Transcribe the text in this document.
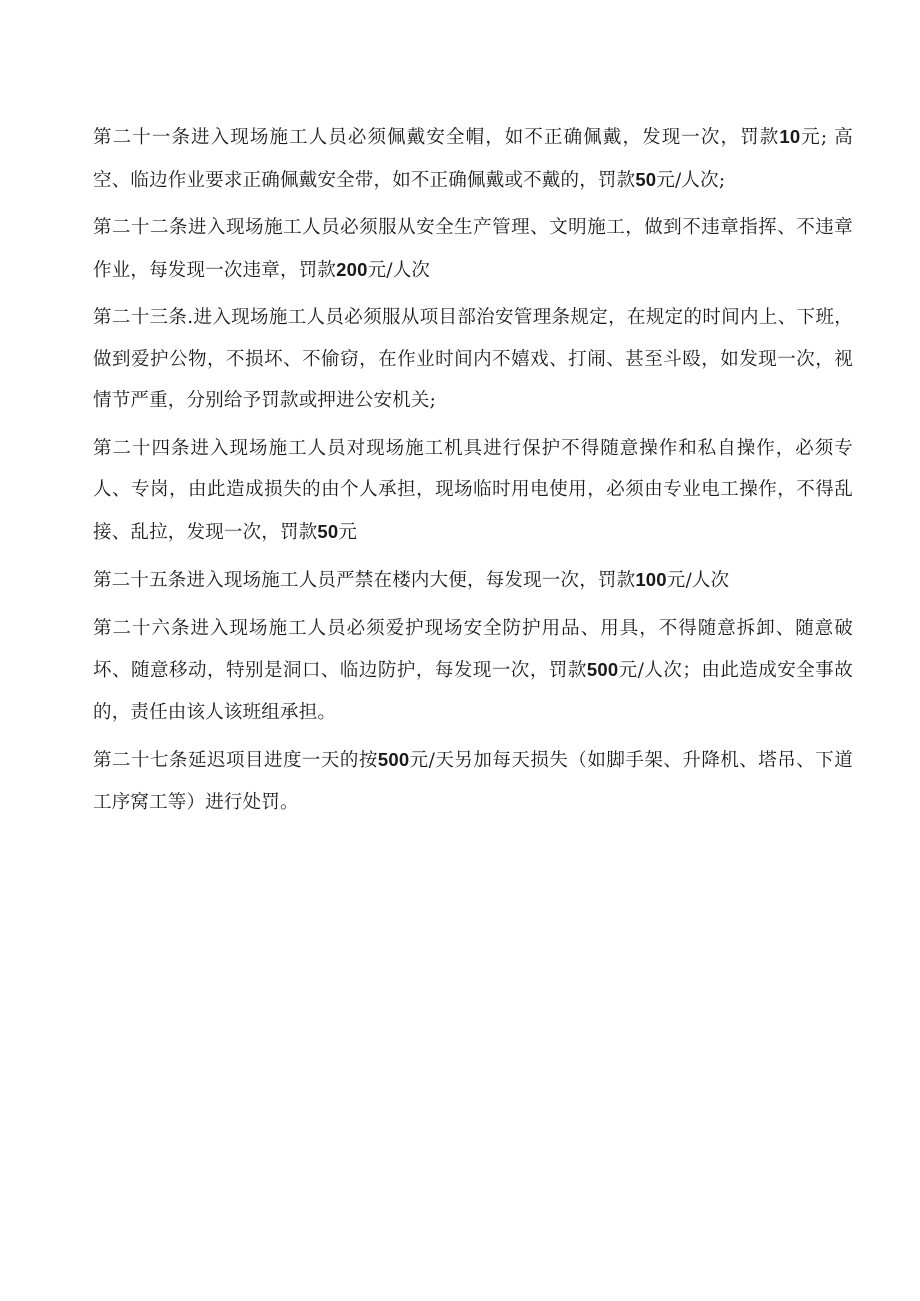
第二十一条进入现场施工人员必须佩戴安全帽，如不正确佩戴，发现一次，罚款10元; 高空、临边作业要求正确佩戴安全带，如不正确佩戴或不戴的，罚款50元/人次;

第二十二条进入现场施工人员必须服从安全生产管理、文明施工，做到不违章指挥、不违章作业，每发现一次违章，罚款200元/人次

第二十三条.进入现场施工人员必须服从项目部治安管理条规定，在规定的时间内上、下班，做到爱护公物，不损坏、不偷窃，在作业时间内不嬉戏、打闹、甚至斗殴，如发现一次，视情节严重，分别给予罚款或押进公安机关;

第二十四条进入现场施工人员对现场施工机具进行保护不得随意操作和私自操作，必须专人、专岗，由此造成损失的由个人承担，现场临时用电使用，必须由专业电工操作，不得乱接、乱拉，发现一次，罚款50元

第二十五条进入现场施工人员严禁在楼内大便，每发现一次，罚款100元/人次

第二十六条进入现场施工人员必须爱护现场安全防护用品、用具，不得随意拆卸、随意破坏、随意移动，特别是洞口、临边防护，每发现一次，罚款500元/人次；由此造成安全事故的，责任由该人该班组承担。

第二十七条延迟项目进度一天的按500元/天另加每天损失（如脚手架、升降机、塔吊、下道工序窝工等）进行处罚。
